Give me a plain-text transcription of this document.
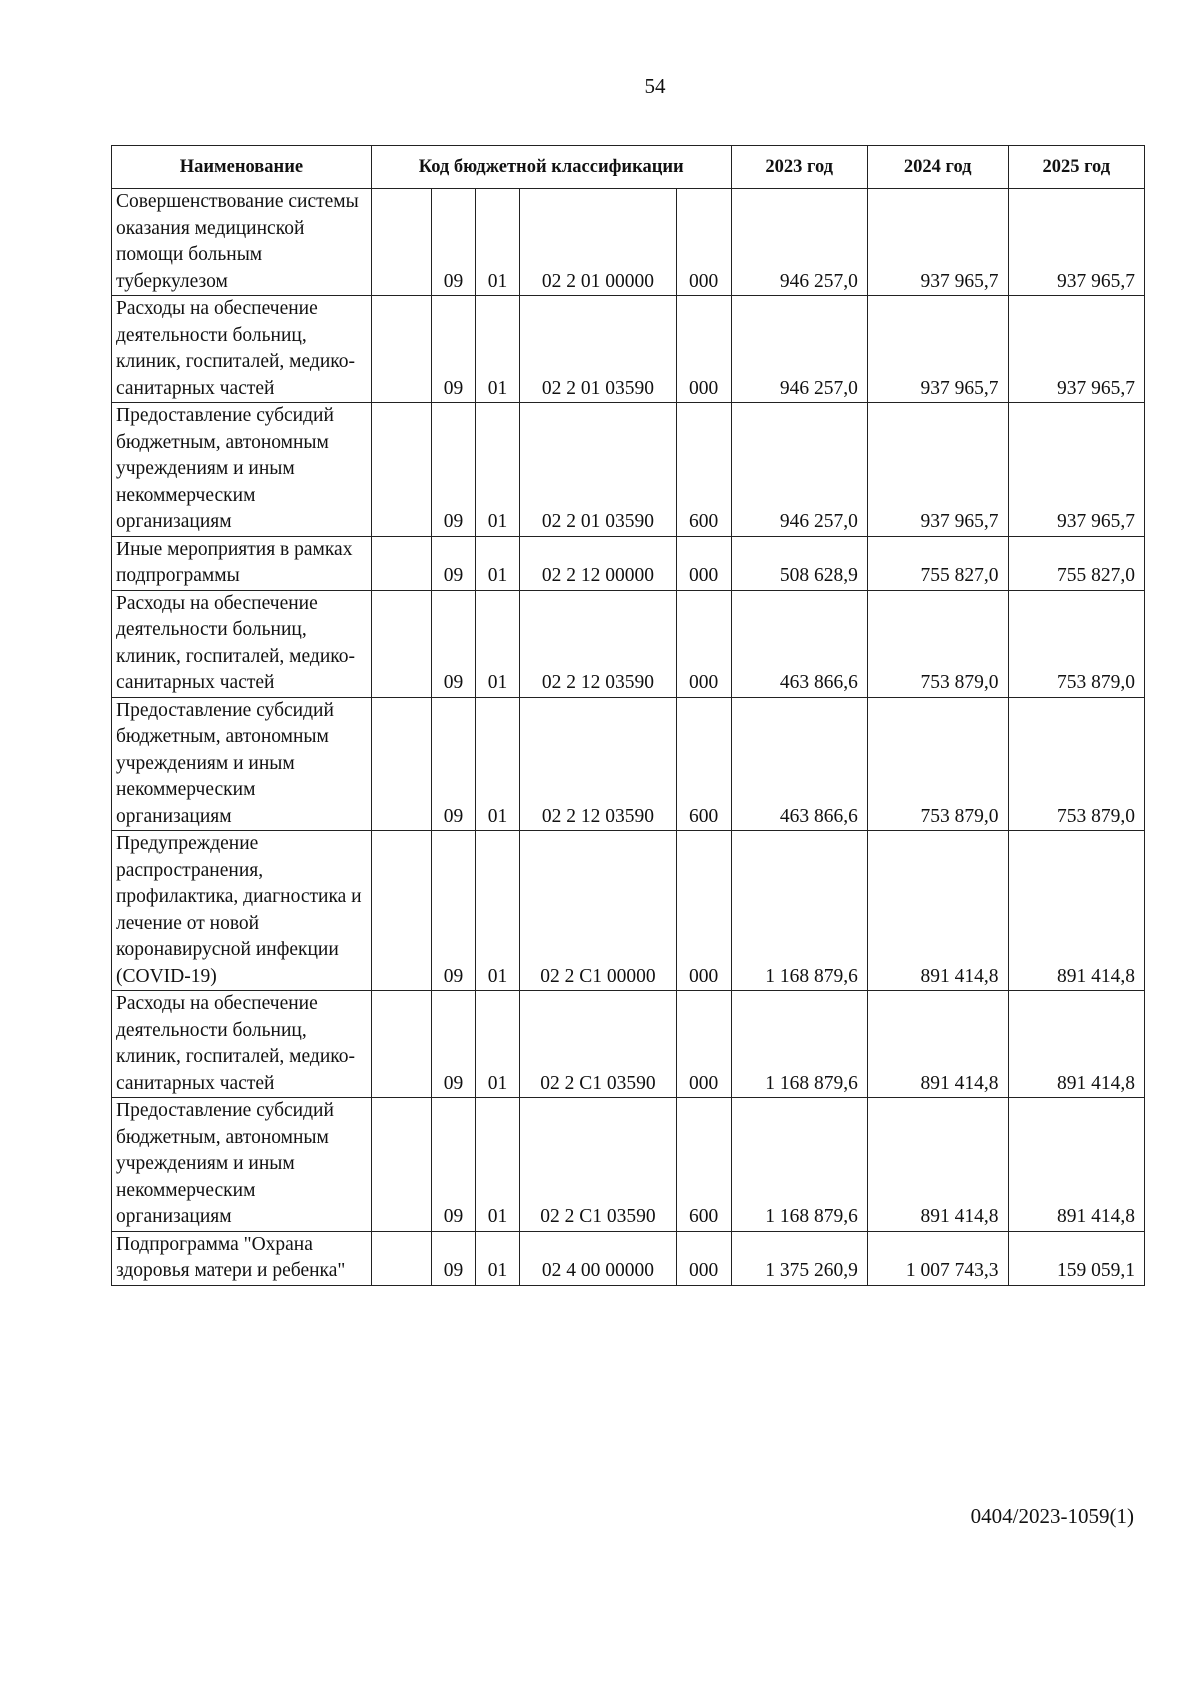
54
Наименование	Код бюджетной классификации					2023 год	2024 год	2025 год
Совершенствование системы оказания медицинской помощи больным туберкулезом		09	01	02 2 01 00000	000	946 257,0	937 965,7	937 965,7
Расходы на обеспечение деятельности больниц, клиник, госпиталей, медико-санитарных частей		09	01	02 2 01 03590	000	946 257,0	937 965,7	937 965,7
Предоставление субсидий бюджетным, автономным учреждениям и иным некоммерческим организациям		09	01	02 2 01 03590	600	946 257,0	937 965,7	937 965,7
Иные мероприятия в рамках подпрограммы		09	01	02 2 12 00000	000	508 628,9	755 827,0	755 827,0
Расходы на обеспечение деятельности больниц, клиник, госпиталей, медико-санитарных частей		09	01	02 2 12 03590	000	463 866,6	753 879,0	753 879,0
Предоставление субсидий бюджетным, автономным учреждениям и иным некоммерческим организациям		09	01	02 2 12 03590	600	463 866,6	753 879,0	753 879,0
Предупреждение распространения, профилактика, диагностика и лечение от новой коронавирусной инфекции (COVID-19)		09	01	02 2 С1 00000	000	1 168 879,6	891 414,8	891 414,8
Расходы на обеспечение деятельности больниц, клиник, госпиталей, медико-санитарных частей		09	01	02 2 С1 03590	000	1 168 879,6	891 414,8	891 414,8
Предоставление субсидий бюджетным, автономным учреждениям и иным некоммерческим организациям		09	01	02 2 С1 03590	600	1 168 879,6	891 414,8	891 414,8
Подпрограмма "Охрана здоровья матери и ребенка"		09	01	02 4 00 00000	000	1 375 260,9	1 007 743,3	159 059,1
0404/2023-1059(1)
